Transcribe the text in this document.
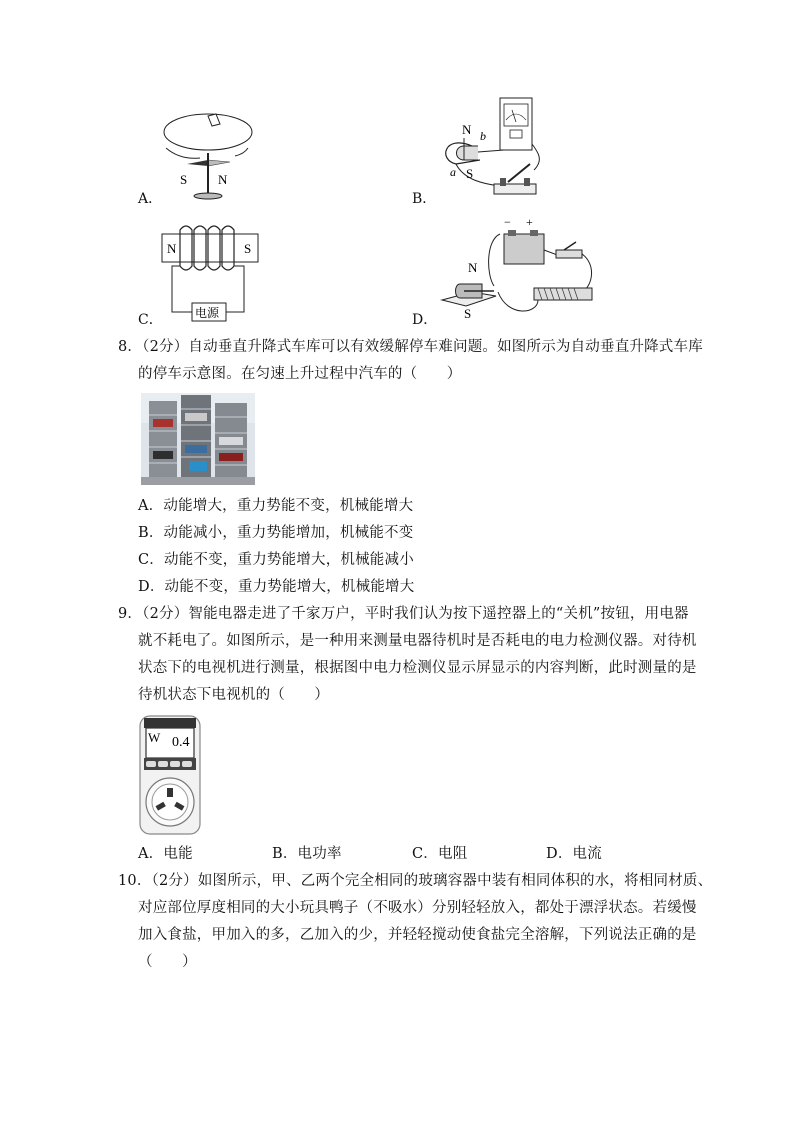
S N
A．
N
S
a
b
B．
N	S
电源
C．
N
S
− +
D．
8．（2分）自动垂直升降式车库可以有效缓解停车难问题。如图所示为自动垂直升降式车库
的停车示意图。在匀速上升过程中汽车的（　　）
A．动能增大，重力势能不变，机械能增大
B．动能减小，重力势能增加，机械能不变
C．动能不变，重力势能增大，机械能减小
D．动能不变，重力势能增大，机械能增大
9．（2分）智能电器走进了千家万户，平时我们认为按下遥控器上的“关机”按钮，用电器
就不耗电了。如图所示，是一种用来测量电器待机时是否耗电的电力检测仪器。对待机
状态下的电视机进行测量，根据图中电力检测仪显示屏显示的内容判断，此时测量的是
待机状态下电视机的（　　）
W 0.4
A．电能	B．电功率	C．电阻	D．电流
10．（2分）如图所示，甲、乙两个完全相同的玻璃容器中装有相同体积的水，将相同材质、
对应部位厚度相同的大小玩具鸭子（不吸水）分别轻轻放入，都处于漂浮状态。若缓慢
加入食盐，甲加入的多，乙加入的少，并轻轻搅动使食盐完全溶解，下列说法正确的是
（　　）
